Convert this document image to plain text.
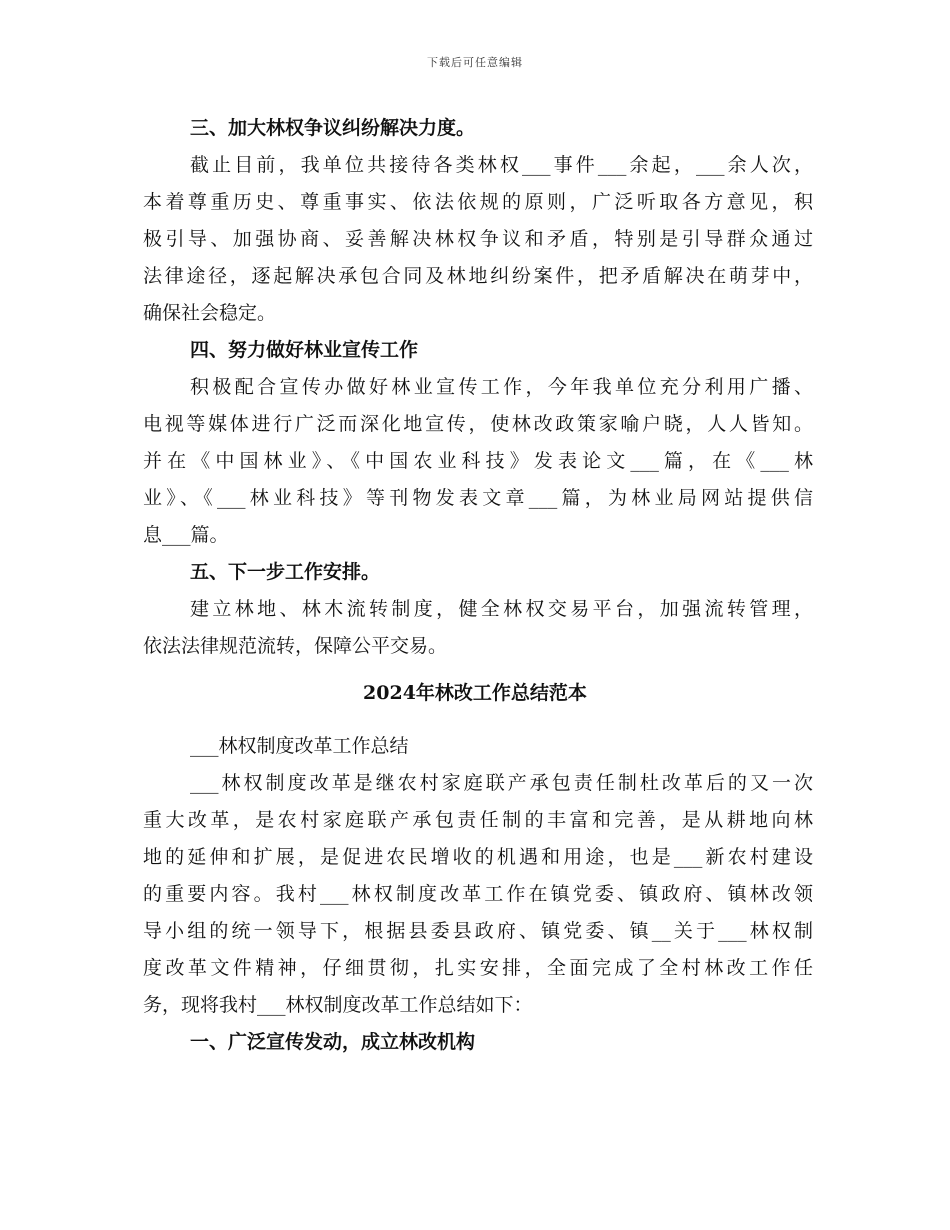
下载后可任意编辑
三、加大林权争议纠纷解决力度。
截止目前，我单位共接待各类林权___事件___余起，___余人次，
本着尊重历史、尊重事实、依法依规的原则，广泛听取各方意见，积
极引导、加强协商、妥善解决林权争议和矛盾，特别是引导群众通过
法律途径，逐起解决承包合同及林地纠纷案件，把矛盾解决在萌芽中，
确保社会稳定。
四、努力做好林业宣传工作
积极配合宣传办做好林业宣传工作，今年我单位充分利用广播、
电视等媒体进行广泛而深化地宣传，使林改政策家喻户晓，人人皆知。
并在《中国林业》、《中国农业科技》发表论文___篇，在《___林
业》、《___林业科技》等刊物发表文章___篇，为林业局网站提供信
息___篇。
五、下一步工作安排。
建立林地、林木流转制度，健全林权交易平台，加强流转管理，
依法法律规范流转，保障公平交易。
2024年林改工作总结范本
___林权制度改革工作总结
___林权制度改革是继农村家庭联产承包责任制杜改革后的又一次
重大改革，是农村家庭联产承包责任制的丰富和完善，是从耕地向林
地的延伸和扩展，是促进农民增收的机遇和用途，也是___新农村建设
的重要内容。我村___林权制度改革工作在镇党委、镇政府、镇林改领
导小组的统一领导下，根据县委县政府、镇党委、镇__关于___林权制
度改革文件精神，仔细贯彻，扎实安排，全面完成了全村林改工作任
务，现将我村___林权制度改革工作总结如下：
一、广泛宣传发动，成立林改机构
